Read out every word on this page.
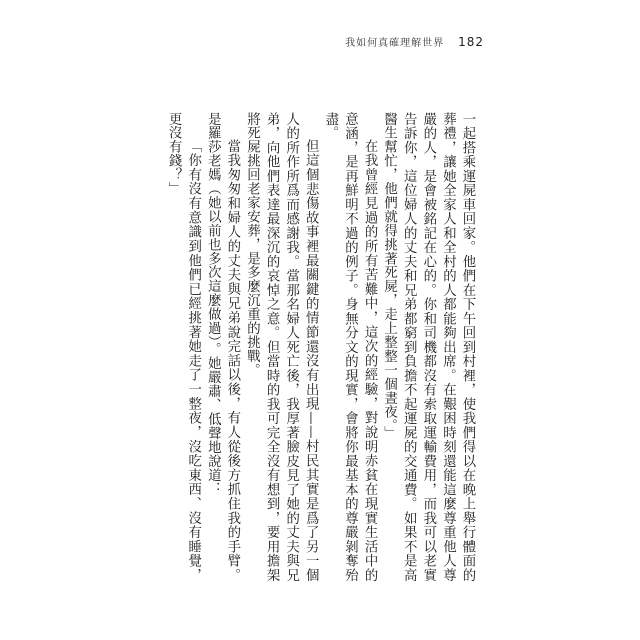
我如何真確理解世界 182

一起搭乘運屍車回家。他們在下午回到村裡，使我們得以在晚上舉行體面的葬禮，讓她全家人和全村的人都能夠出席。在艱困時刻還能這麼尊重他人尊嚴的人，是會被銘記在心的。你和司機都沒有索取運輸費用，而我可以老實告訴你，這位婦人的丈夫和兄弟都窮到負擔不起運屍的交通費。如果不是高醫生幫忙，他們就得挑著死屍，走上整整一個晝夜。」

在我曾經見過的所有苦難中，這次的經驗，對說明赤貧在現實生活中的意涵，是再鮮明不過的例子。身無分文的現實，會將你最基本的尊嚴剝奪殆盡。

但這個悲傷故事裡最關鍵的情節還沒有出現——村民其實是爲了另一個人的所作所爲而感謝我。當那名婦人死亡後，我厚著臉皮見了她的丈夫與兄弟，向他們表達最深沉的哀悼之意。但當時的我可完全沒有想到，要用擔架將死屍挑回老家安葬，是多麼沉重的挑戰。

當我匆匆和婦人的丈夫與兄弟說完話以後，有人從後方抓住我的手臂。是羅莎老媽（她以前也多次這麼做過）。她嚴肅、低聲地說道：

「你有沒有意識到他們已經挑著她走了一整夜，沒吃東西、沒有睡覺，更沒有錢？」
